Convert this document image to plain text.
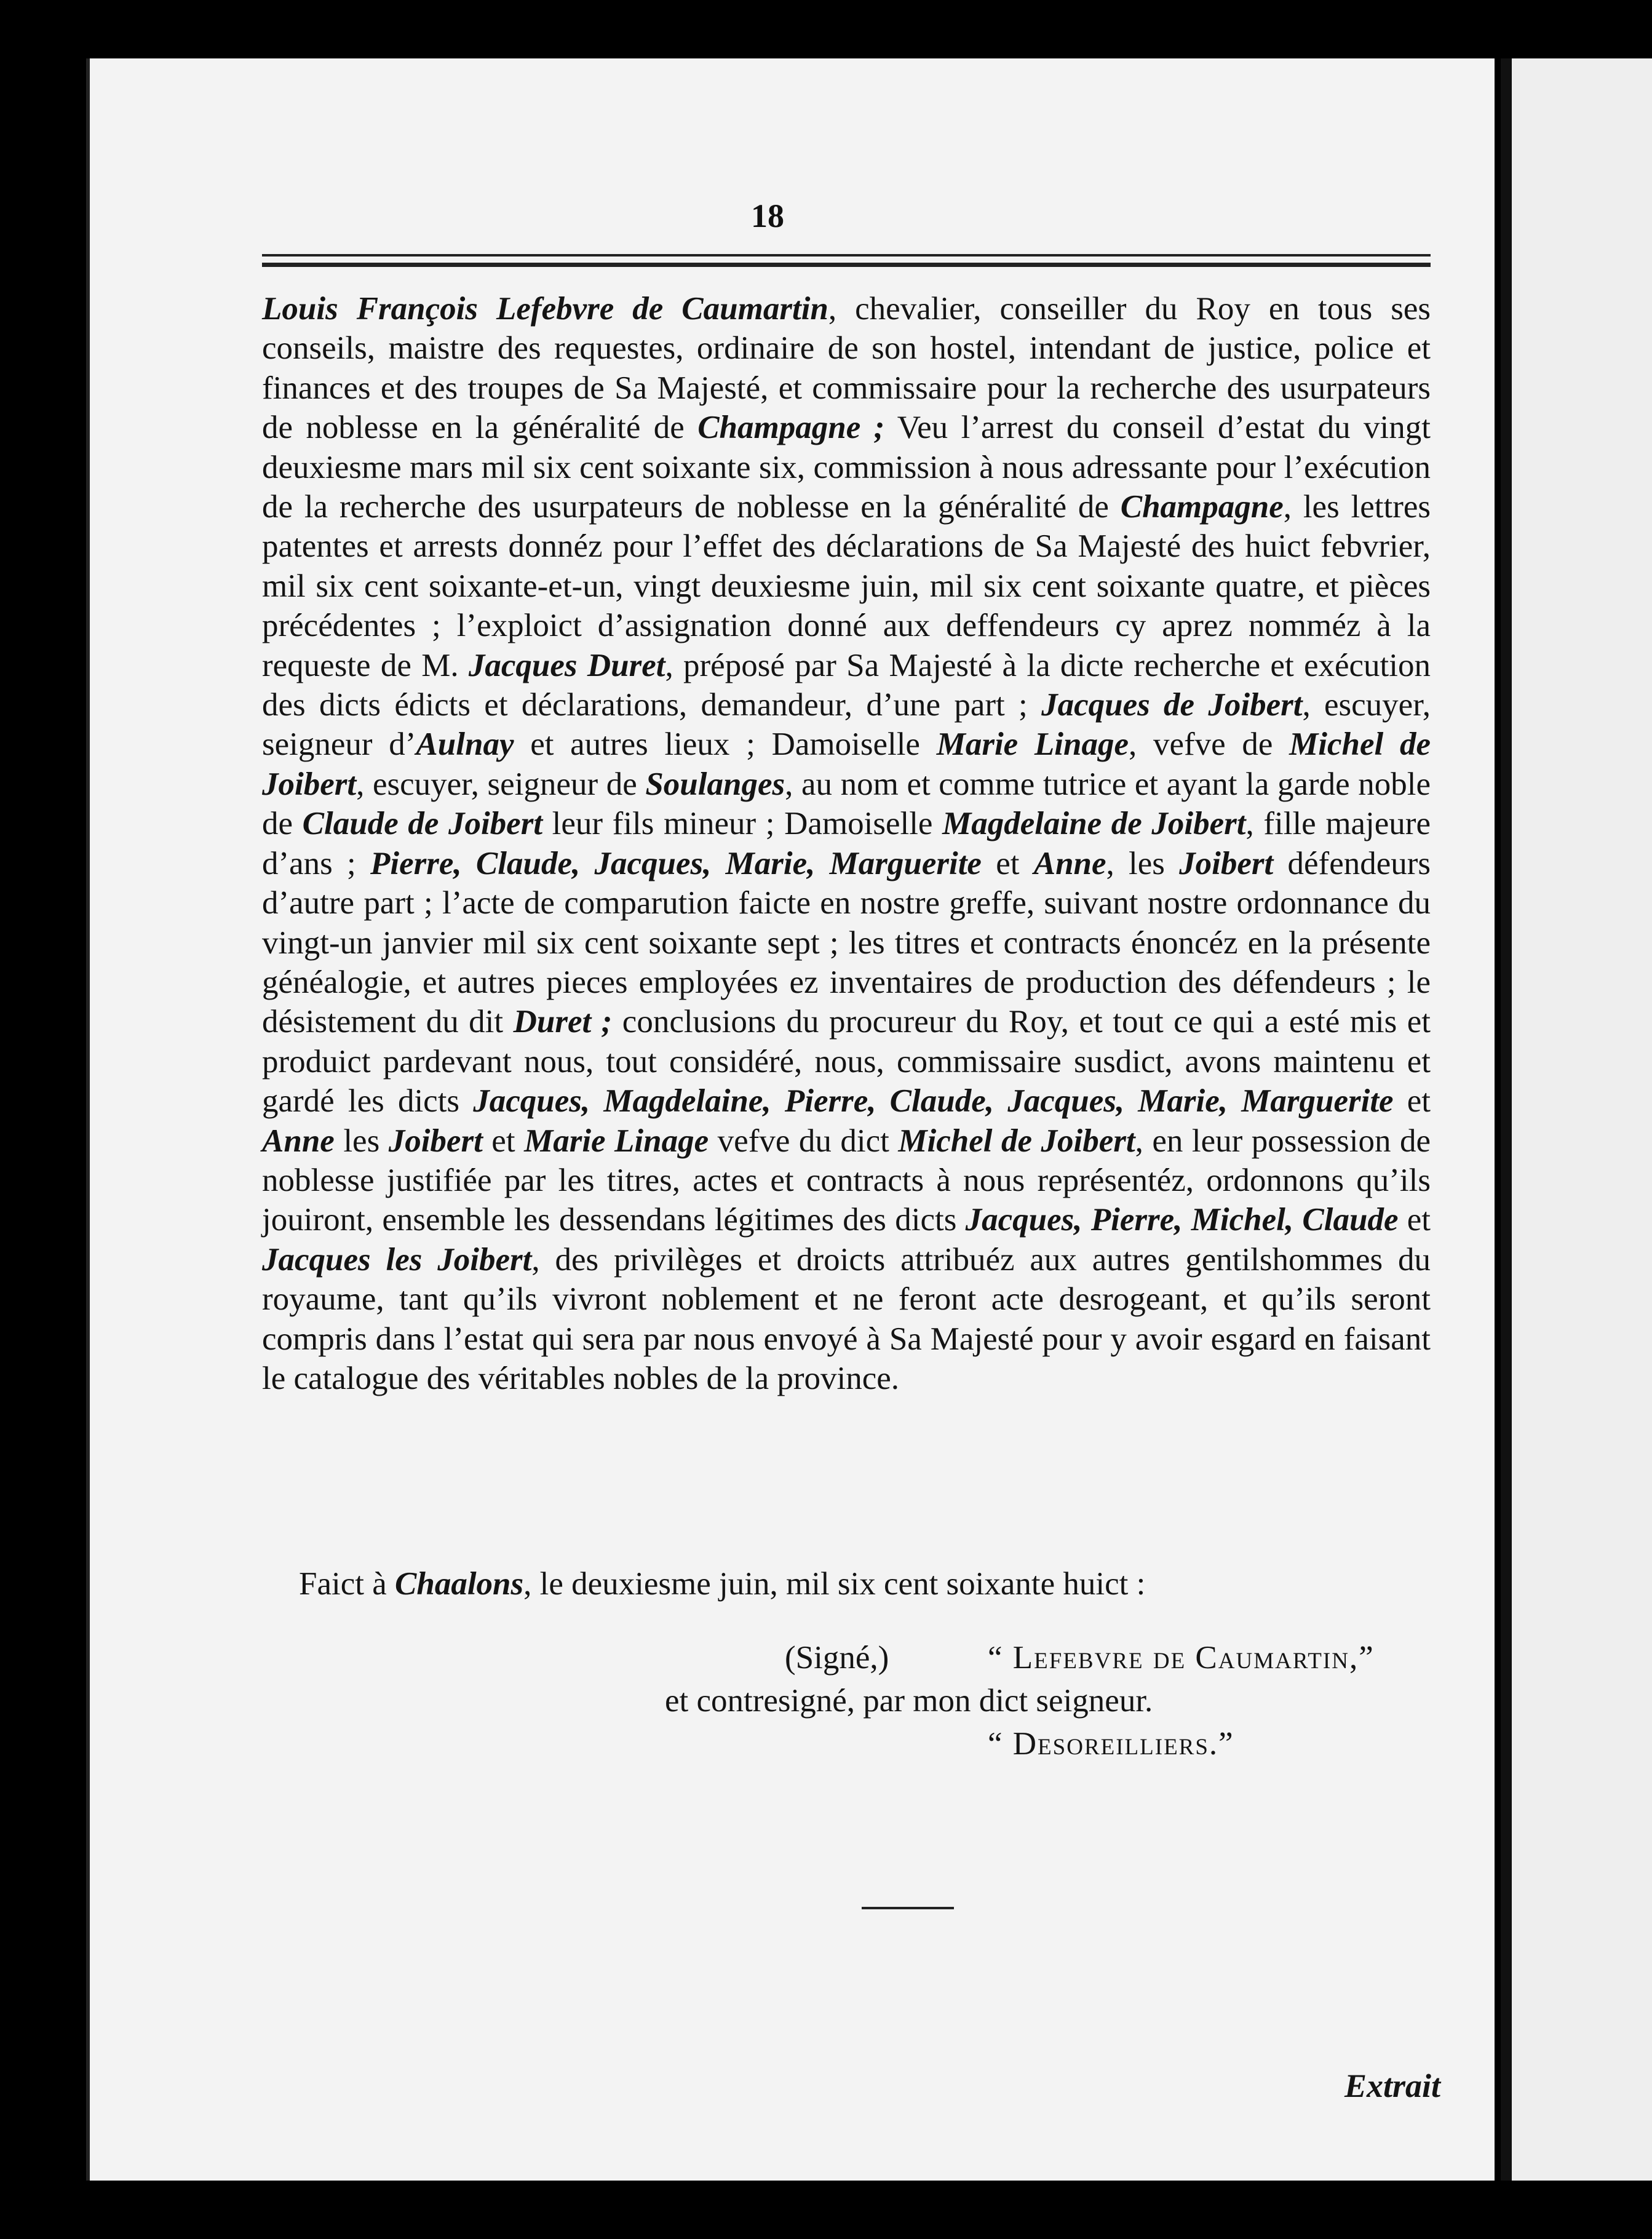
18

Louis François Lefebvre de Caumartin, chevalier, conseiller du Roy en tous ses conseils, maistre des requestes, ordinaire de son hostel, intendant de justice, police et finances et des troupes de Sa Majesté, et commissaire pour la recherche des usurpateurs de noblesse en la généralité de Champagne ; Veu l’arrest du conseil d’estat du vingt deuxiesme mars mil six cent soixante six, commission à nous adressante pour l’exécution de la recherche des usurpateurs de noblesse en la généralité de Champagne, les lettres patentes et arrests donnéz pour l’effet des déclarations de Sa Majesté des huict febvrier, mil six cent soixante-et-un, vingt deuxiesme juin, mil six cent soixante quatre, et pièces précédentes ; l’exploict d’assignation donné aux deffendeurs cy aprez nomméz à la requeste de M. Jacques Duret, préposé par Sa Majesté à la dicte recherche et exécution des dicts édicts et déclarations, demandeur, d’une part ; Jacques de Joibert, escuyer, seigneur d’Aulnay et autres lieux ; Damoiselle Marie Linage, vefve de Michel de Joibert, escuyer, seigneur de Soulanges, au nom et comme tutrice et ayant la garde noble de Claude de Joibert leur fils mineur ; Damoiselle Magdelaine de Joibert, fille majeure d’ans ; Pierre, Claude, Jacques, Marie, Marguerite et Anne, les Joibert défendeurs d’autre part ; l’acte de comparution faicte en nostre greffe, suivant nostre ordonnance du vingt-un janvier mil six cent soixante sept ; les titres et contracts énoncéz en la présente généalogie, et autres pieces employées ez inventaires de production des défendeurs ; le désistement du dit Duret ; conclusions du procureur du Roy, et tout ce qui a esté mis et produict pardevant nous, tout considéré, nous, commissaire susdict, avons maintenu et gardé les dicts Jacques, Magdelaine, Pierre, Claude, Jacques, Marie, Marguerite et Anne les Joibert et Marie Linage vefve du dict Michel de Joibert, en leur possession de noblesse justifiée par les titres, actes et contracts à nous représentéz, ordonnons qu’ils jouiront, ensemble les dessendans légitimes des dicts Jacques, Pierre, Michel, Claude et Jacques les Joibert, des privilèges et droicts attribuéz aux autres gentilshommes du royaume, tant qu’ils vivront noblement et ne feront acte desrogeant, et qu’ils seront compris dans l’estat qui sera par nous envoyé à Sa Majesté pour y avoir esgard en faisant le catalogue des véritables nobles de la province.

Faict à Chaalons, le deuxiesme juin, mil six cent soixante huict :
(Signé,)	“ Lefebvre de Caumartin,”
et contresigné, par mon dict seigneur.
“ Desoreilliers.”
Extrait
